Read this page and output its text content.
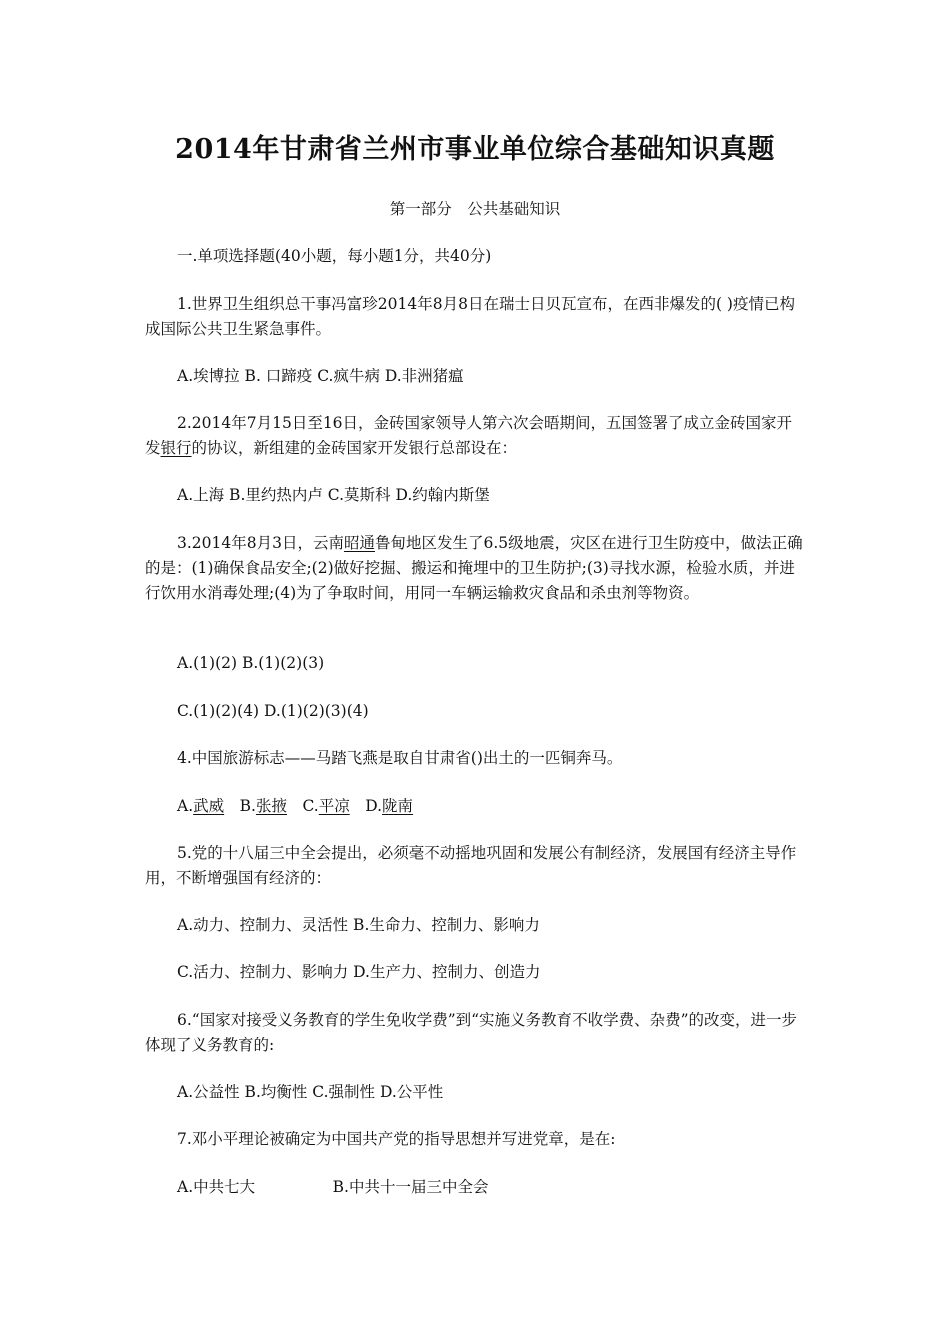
2014年甘肃省兰州市事业单位综合基础知识真题
第一部分　公共基础知识
一.单项选择题(40小题，每小题1分，共40分)
1.世界卫生组织总干事冯富珍2014年8月8日在瑞士日贝瓦宣布，在西非爆发的( )疫情已构成国际公共卫生紧急事件。
A.埃博拉 B. 口蹄疫 C.疯牛病 D.非洲猪瘟
2.2014年7月15日至16日，金砖国家领导人第六次会晤期间，五国签署了成立金砖国家开发银行的协议，新组建的金砖国家开发银行总部设在：
A.上海 B.里约热内卢 C.莫斯科 D.约翰内斯堡
3.2014年8月3日，云南昭通鲁甸地区发生了6.5级地震，灾区在进行卫生防疫中，做法正确的是：(1)确保食品安全;(2)做好挖掘、搬运和掩埋中的卫生防护;(3)寻找水源，检验水质，并进行饮用水消毒处理;(4)为了争取时间，用同一车辆运输救灾食品和杀虫剂等物资。
A.(1)(2) B.(1)(2)(3)
C.(1)(2)(4) D.(1)(2)(3)(4)
4.中国旅游标志——马踏飞燕是取自甘肃省()出土的一匹铜奔马。
A.武威　B.张掖　C.平凉　D.陇南
5.党的十八届三中全会提出，必须毫不动摇地巩固和发展公有制经济，发展国有经济主导作用，不断增强国有经济的：
A.动力、控制力、灵活性 B.生命力、控制力、影响力
C.活力、控制力、影响力 D.生产力、控制力、创造力
6.“国家对接受义务教育的学生免收学费”到“实施义务教育不收学费、杂费”的改变，进一步体现了义务教育的:
A.公益性 B.均衡性 C.强制性 D.公平性
7.邓小平理论被确定为中国共产党的指导思想并写进党章，是在:
A.中共七大　　　　　B.中共十一届三中全会
